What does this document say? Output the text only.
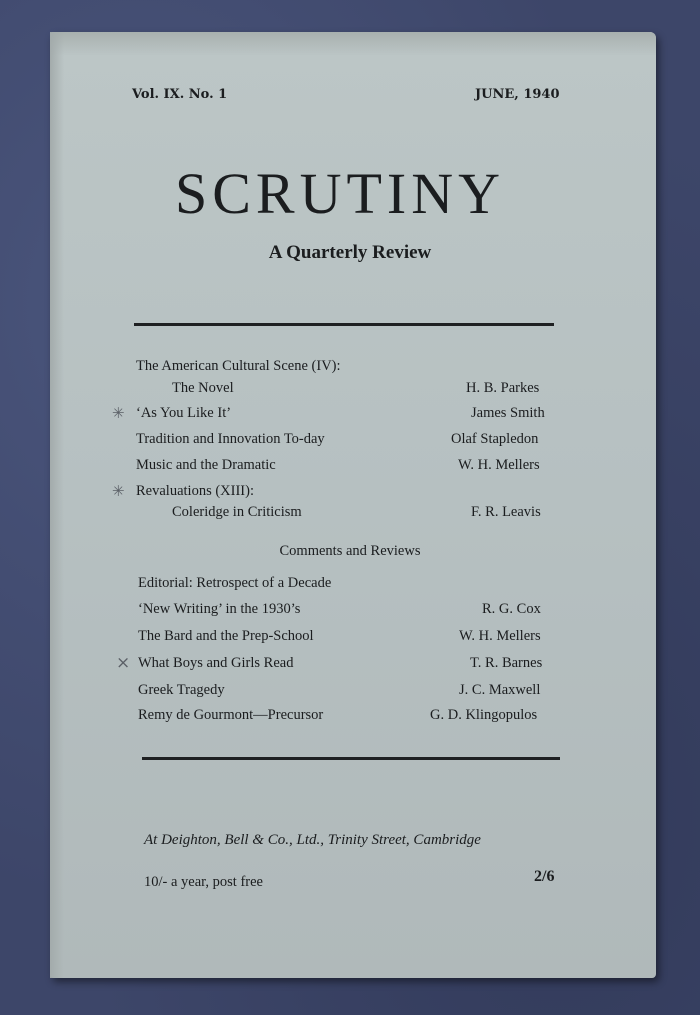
Vol. IX. No. 1	JUNE, 1940
SCRUTINY
A Quarterly Review
The American Cultural Scene (IV):
The Novel	H. B. Parkes
✳ ‘As You Like It’	James Smith
Tradition and Innovation To-day	Olaf Stapledon
Music and the Dramatic	W. H. Mellers
✳ Revaluations (XIII):
Coleridge in Criticism	F. R. Leavis
Comments and Reviews
Editorial: Retrospect of a Decade
‘New Writing’ in the 1930’s	R. G. Cox
The Bard and the Prep-School	W. H. Mellers
× What Boys and Girls Read	T. R. Barnes
Greek Tragedy	J. C. Maxwell
Remy de Gourmont—Precursor	G. D. Klingopulos
At Deighton, Bell & Co., Ltd., Trinity Street, Cambridge
10/- a year, post free	2/6
